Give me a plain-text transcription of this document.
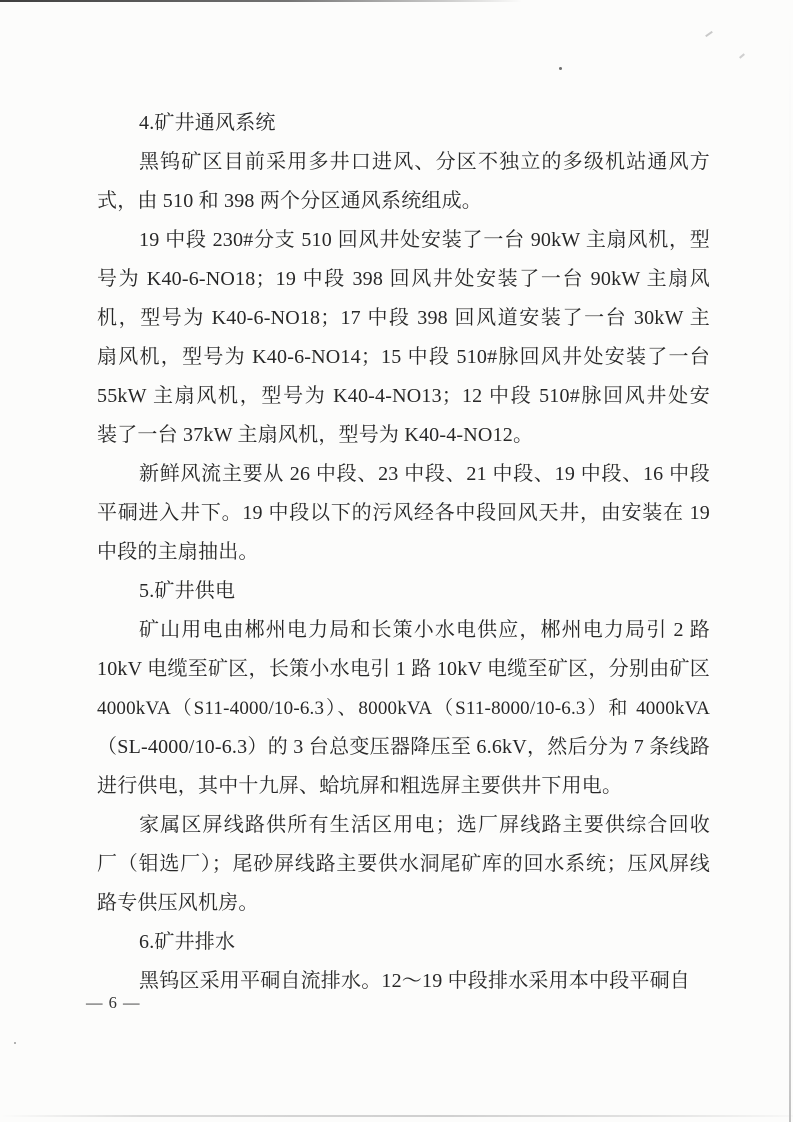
4.矿井通风系统
黑钨矿区目前采用多井口进风、分区不独立的多级机站通风方
式，由 510 和 398 两个分区通风系统组成。
19 中段 230#分支 510 回风井处安装了一台 90kW 主扇风机，型
号为 K40-6-NO18；19 中段 398 回风井处安装了一台 90kW 主扇风
机，型号为 K40-6-NO18；17 中段 398 回风道安装了一台 30kW 主
扇风机，型号为 K40-6-NO14；15 中段 510#脉回风井处安装了一台
55kW 主扇风机，型号为 K40-4-NO13；12 中段 510#脉回风井处安
装了一台 37kW 主扇风机，型号为 K40-4-NO12。
新鲜风流主要从 26 中段、23 中段、21 中段、19 中段、16 中段
平硐进入井下。19 中段以下的污风经各中段回风天井，由安装在 19
中段的主扇抽出。
5.矿井供电
矿山用电由郴州电力局和长策小水电供应，郴州电力局引 2 路
10kV 电缆至矿区，长策小水电引 1 路 10kV 电缆至矿区，分别由矿区
4000kVA（S11-4000/10-6.3）、8000kVA（S11-8000/10-6.3）和 4000kVA
（SL-4000/10-6.3）的 3 台总变压器降压至 6.6kV，然后分为 7 条线路
进行供电，其中十九屏、蛤坑屏和粗选屏主要供井下用电。
家属区屏线路供所有生活区用电；选厂屏线路主要供综合回收
厂（钼选厂）；尾砂屏线路主要供水洞尾矿库的回水系统；压风屏线
路专供压风机房。
6.矿井排水
黑钨区采用平硐自流排水。12～19 中段排水采用本中段平硐自
— 6 —
